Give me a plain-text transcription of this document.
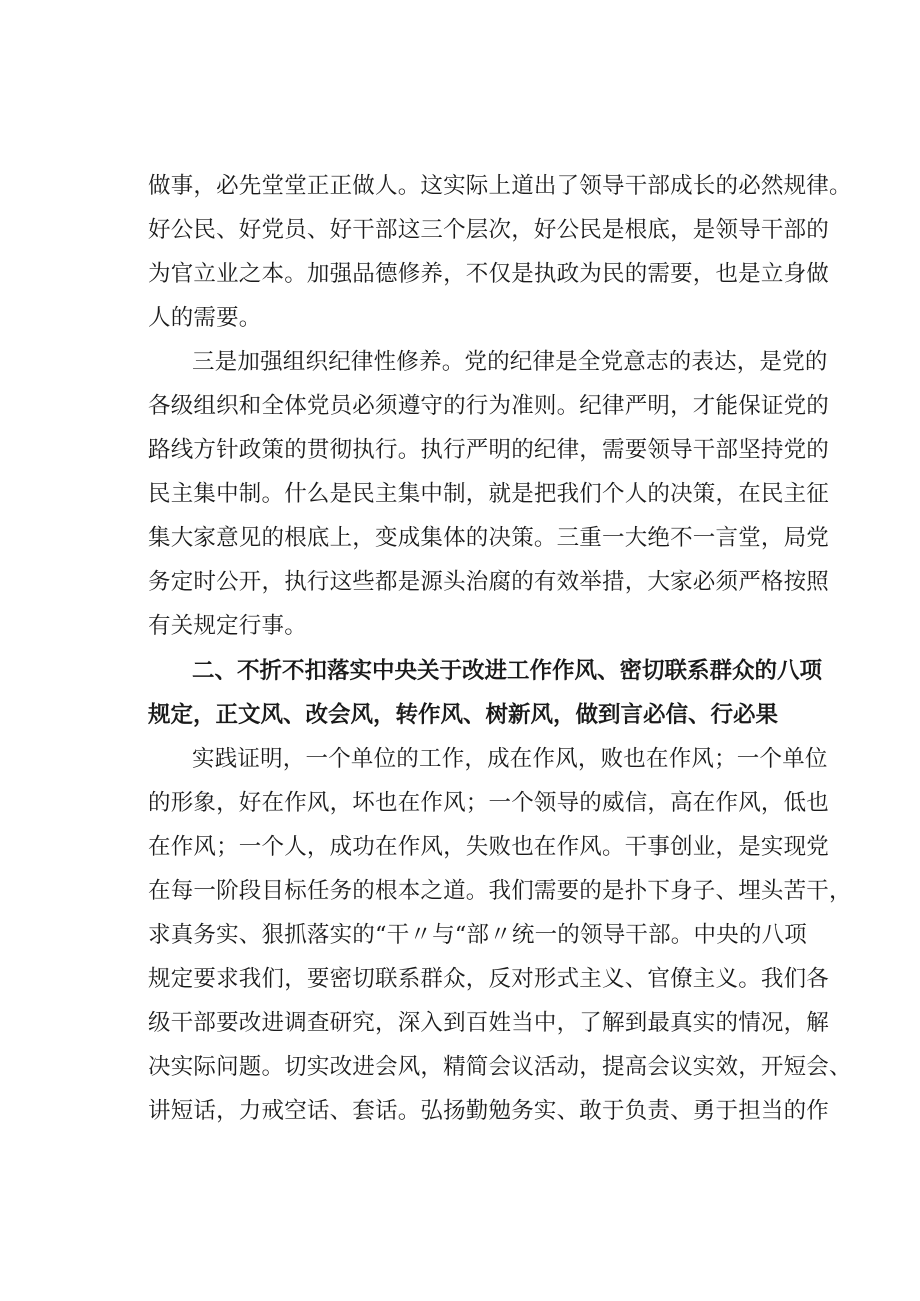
做事，必先堂堂正正做人。这实际上道出了领导干部成长的必然规律。
好公民、好党员、好干部这三个层次，好公民是根底，是领导干部的
为官立业之本。加强品德修养，不仅是执政为民的需要，也是立身做
人的需要。
三是加强组织纪律性修养。党的纪律是全党意志的表达，是党的
各级组织和全体党员必须遵守的行为准则。纪律严明，才能保证党的
路线方针政策的贯彻执行。执行严明的纪律，需要领导干部坚持党的
民主集中制。什么是民主集中制，就是把我们个人的决策，在民主征
集大家意见的根底上，变成集体的决策。三重一大绝不一言堂，局党
务定时公开，执行这些都是源头治腐的有效举措，大家必须严格按照
有关规定行事。
二、不折不扣落实中央关于改进工作作风、密切联系群众的八项
规定，正文风、改会风，转作风、树新风，做到言必信、行必果
实践证明，一个单位的工作，成在作风，败也在作风；一个单位
的形象，好在作风，坏也在作风；一个领导的威信，高在作风，低也
在作风；一个人，成功在作风，失败也在作风。干事创业，是实现党
在每一阶段目标任务的根本之道。我们需要的是扑下身子、埋头苦干，
求真务实、狠抓落实的“干〃与“部〃统一的领导干部。中央的八项
规定要求我们，要密切联系群众，反对形式主义、官僚主义。我们各
级干部要改进调查研究，深入到百姓当中，了解到最真实的情况，解
决实际问题。切实改进会风，精简会议活动，提高会议实效，开短会、
讲短话，力戒空话、套话。弘扬勤勉务实、敢于负责、勇于担当的作
